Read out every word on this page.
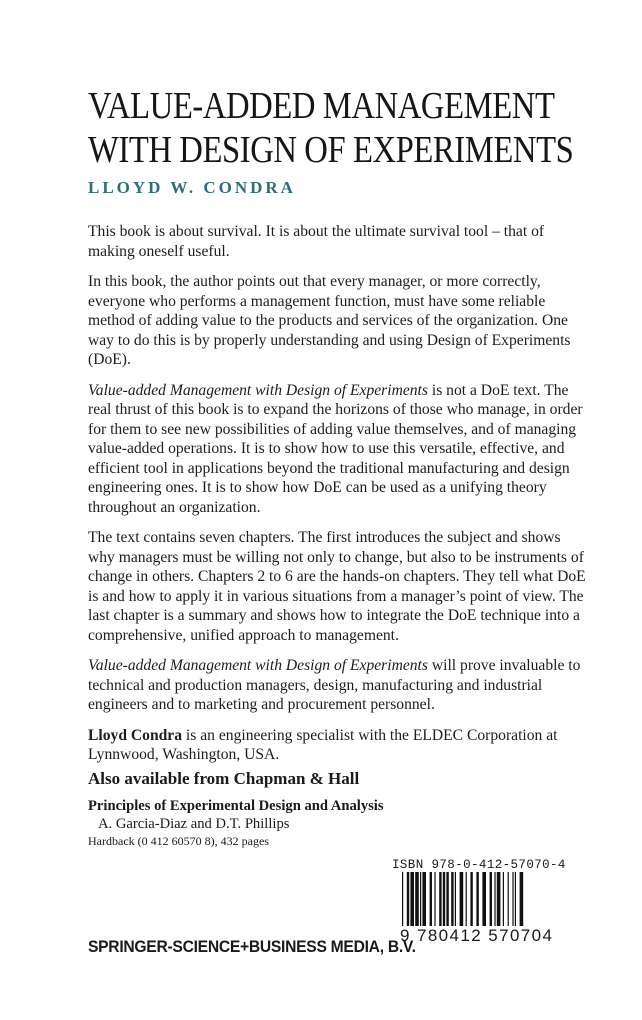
VALUE-ADDED MANAGEMENT
WITH DESIGN OF EXPERIMENTS

LLOYD W. CONDRA

This book is about survival. It is about the ultimate survival tool – that of making oneself useful.

In this book, the author points out that every manager, or more correctly, everyone who performs a management function, must have some reliable method of adding value to the products and services of the organization. One way to do this is by properly understanding and using Design of Experiments (DoE).

Value-added Management with Design of Experiments is not a DoE text. The real thrust of this book is to expand the horizons of those who manage, in order for them to see new possibilities of adding value themselves, and of managing value-added operations. It is to show how to use this versatile, effective, and efficient tool in applications beyond the traditional manufacturing and design engineering ones. It is to show how DoE can be used as a unifying theory throughout an organization.

The text contains seven chapters. The first introduces the subject and shows why managers must be willing not only to change, but also to be instruments of change in others. Chapters 2 to 6 are the hands-on chapters. They tell what DoE is and how to apply it in various situations from a manager’s point of view. The last chapter is a summary and shows how to integrate the DoE technique into a comprehensive, unified approach to management.

Value-added Management with Design of Experiments will prove invaluable to technical and production managers, design, manufacturing and industrial engineers and to marketing and procurement personnel.

Lloyd Condra is an engineering specialist with the ELDEC Corporation at Lynnwood, Washington, USA.

Also available from Chapman & Hall

Principles of Experimental Design and Analysis

A. Garcia-Diaz and D.T. Phillips

Hardback (0 412 60570 8), 432 pages

ISBN 978-0-412-57070-4
9 780412 570704
SPRINGER-SCIENCE+BUSINESS MEDIA, B.V.
